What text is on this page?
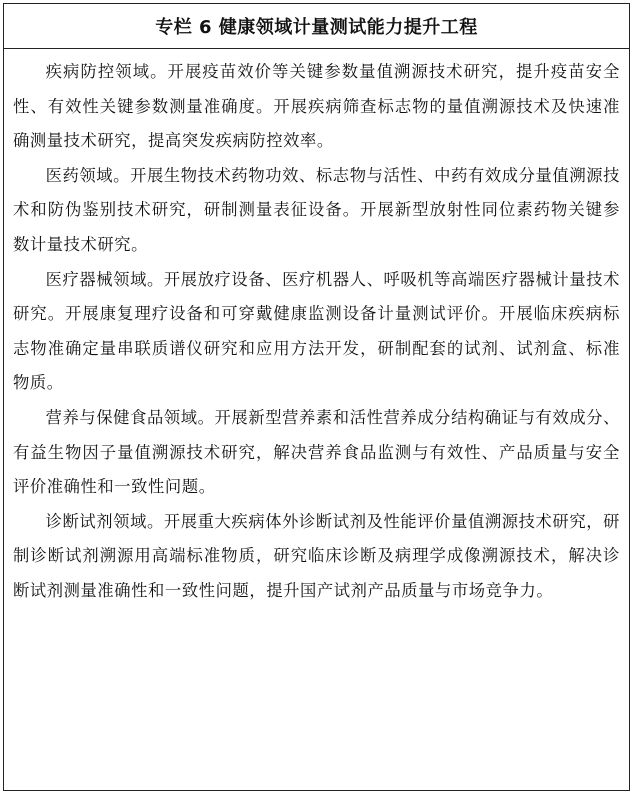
专栏 6 健康领域计量测试能力提升工程

疾病防控领域。开展疫苗效价等关键参数量值溯源技术研究，提升疫苗安全性、有效性关键参数测量准确度。开展疾病筛查标志物的量值溯源技术及快速准确测量技术研究，提高突发疾病防控效率。

医药领域。开展生物技术药物功效、标志物与活性、中药有效成分量值溯源技术和防伪鉴别技术研究，研制测量表征设备。开展新型放射性同位素药物关键参数计量技术研究。

医疗器械领域。开展放疗设备、医疗机器人、呼吸机等高端医疗器械计量技术研究。开展康复理疗设备和可穿戴健康监测设备计量测试评价。开展临床疾病标志物准确定量串联质谱仪研究和应用方法开发，研制配套的试剂、试剂盒、标准物质。

营养与保健食品领域。开展新型营养素和活性营养成分结构确证与有效成分、有益生物因子量值溯源技术研究，解决营养食品监测与有效性、产品质量与安全评价准确性和一致性问题。

诊断试剂领域。开展重大疾病体外诊断试剂及性能评价量值溯源技术研究，研制诊断试剂溯源用高端标准物质，研究临床诊断及病理学成像溯源技术，解决诊断试剂测量准确性和一致性问题，提升国产试剂产品质量与市场竞争力。
